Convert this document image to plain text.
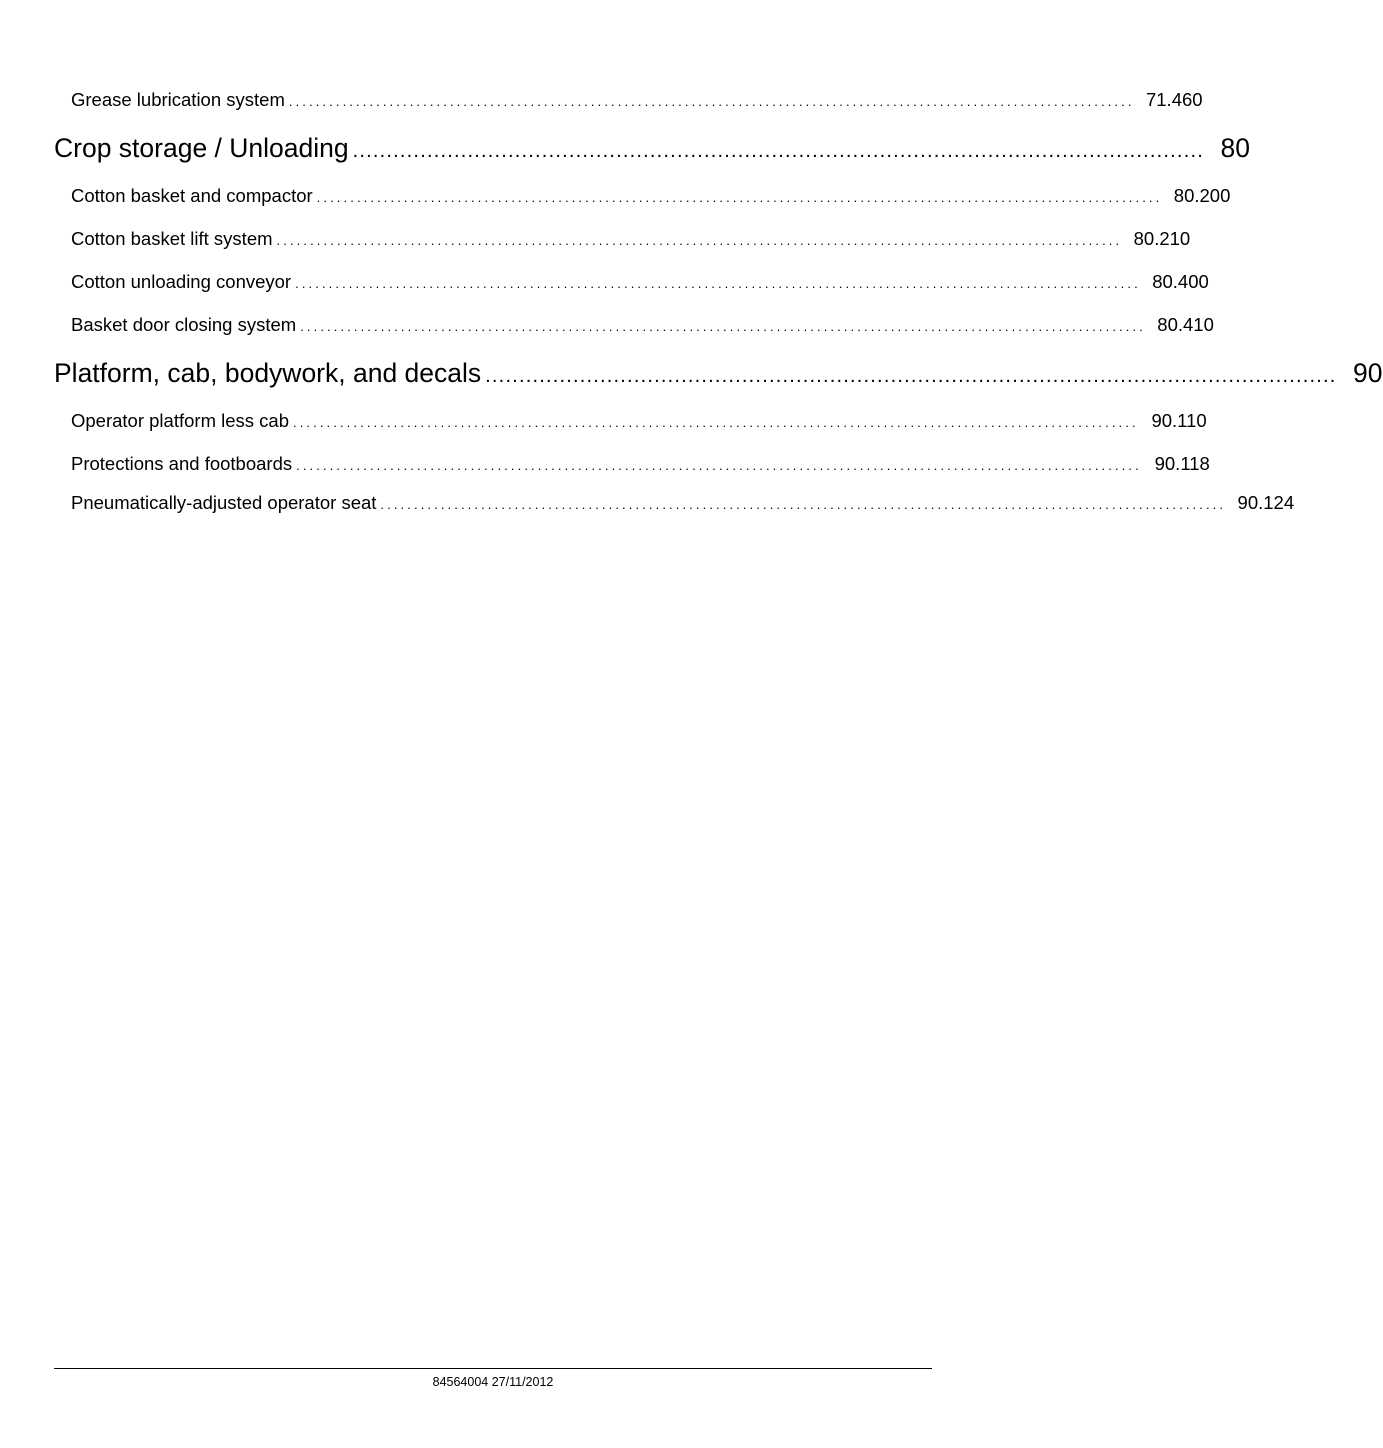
Grease lubrication system .............................................................................................................................. 71.460
Crop storage / Unloading .............................................................................................................................. 80
Cotton basket and compactor .............................................................................................................................. 80.200
Cotton basket lift system .............................................................................................................................. 80.210
Cotton unloading conveyor .............................................................................................................................. 80.400
Basket door closing system .............................................................................................................................. 80.410
Platform, cab, bodywork, and decals .............................................................................................................................. 90
Operator platform less cab .............................................................................................................................. 90.110
Protections and footboards .............................................................................................................................. 90.118
Pneumatically-adjusted operator seat .............................................................................................................................. 90.124
84564004 27/11/2012
